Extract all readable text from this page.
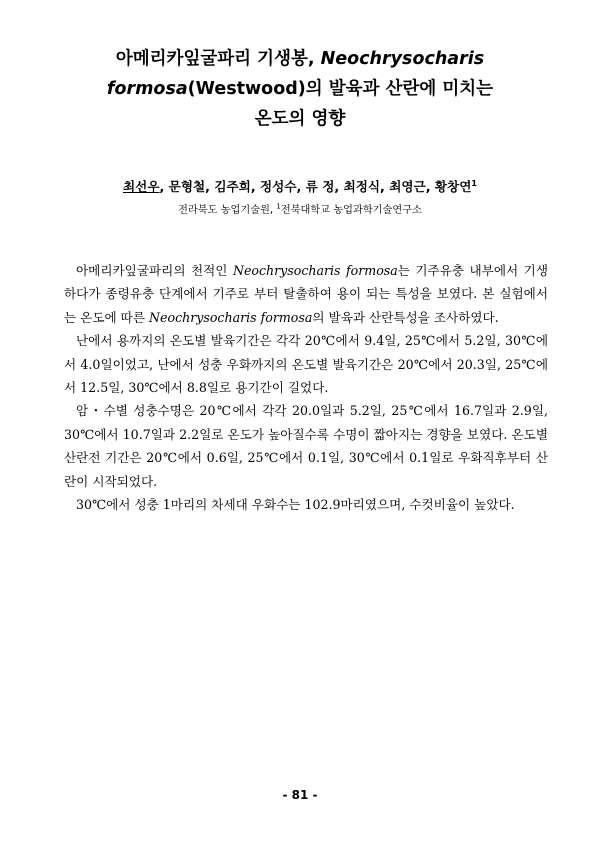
아메리카잎굴파리 기생봉, Neochrysocharis
formosa(Westwood)의 발육과 산란에 미치는
온도의 영향
최선우, 문형철, 김주희, 정성수, 류 정, 최정식, 최영근, 황창연$^1$
전라북도 농업기술원, $^1$전북대학교 농업과학기술연구소

아메리카잎굴파리의 천적인 Neochrysocharis formosa는 기주유충 내부에서 기생하다가 종령유충 단계에서 기주로 부터 탈출하여 용이 되는 특성을 보였다. 본 실험에서는 온도에 따른 Neochrysocharis formosa의 발육과 산란특성을 조사하였다.

난에서 용까지의 온도별 발육기간은 각각 20℃에서 9.4일, 25℃에서 5.2일, 30℃에서 4.0일이었고, 난에서 성충 우화까지의 온도별 발육기간은 20℃에서 20.3일, 25℃에서 12.5일, 30℃에서 8.8일로 용기간이 길었다.

암・수별 성충수명은 20℃에서 각각 20.0일과 5.2일, 25℃에서 16.7일과 2.9일, 30℃에서 10.7일과 2.2일로 온도가 높아질수록 수명이 짧아지는 경향을 보였다. 온도별 산란전 기간은 20℃에서 0.6일, 25℃에서 0.1일, 30℃에서 0.1일로 우화직후부터 산란이 시작되었다.

30℃에서 성충 1마리의 차세대 우화수는 102.9마리였으며, 수컷비율이 높았다.

- 81 -
